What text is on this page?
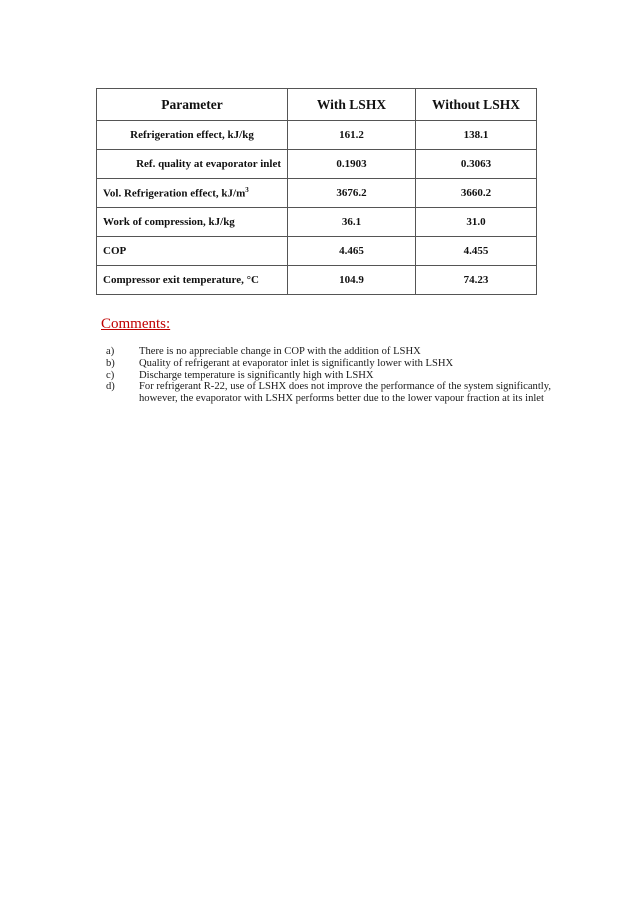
Parameter	With LSHX	Without LSHX
Refrigeration effect, kJ/kg	161.2	138.1
Ref. quality at evaporator inlet	0.1903	0.3063
Vol. Refrigeration effect, $kJ/m^3$	3676.2	3660.2
Work of compression, kJ/kg	36.1	31.0
COP	4.465	4.455
Compressor exit temperature, °C	104.9	74.23
Comments:
a)	There is no appreciable change in COP with the addition of LSHX
b)	Quality of refrigerant at evaporator inlet is significantly lower with LSHX
c)	Discharge temperature is significantly high with LSHX
d)	For refrigerant R-22, use of LSHX does not improve the performance of the system significantly, however, the evaporator with LSHX performs better due to the lower vapour fraction at its inlet
